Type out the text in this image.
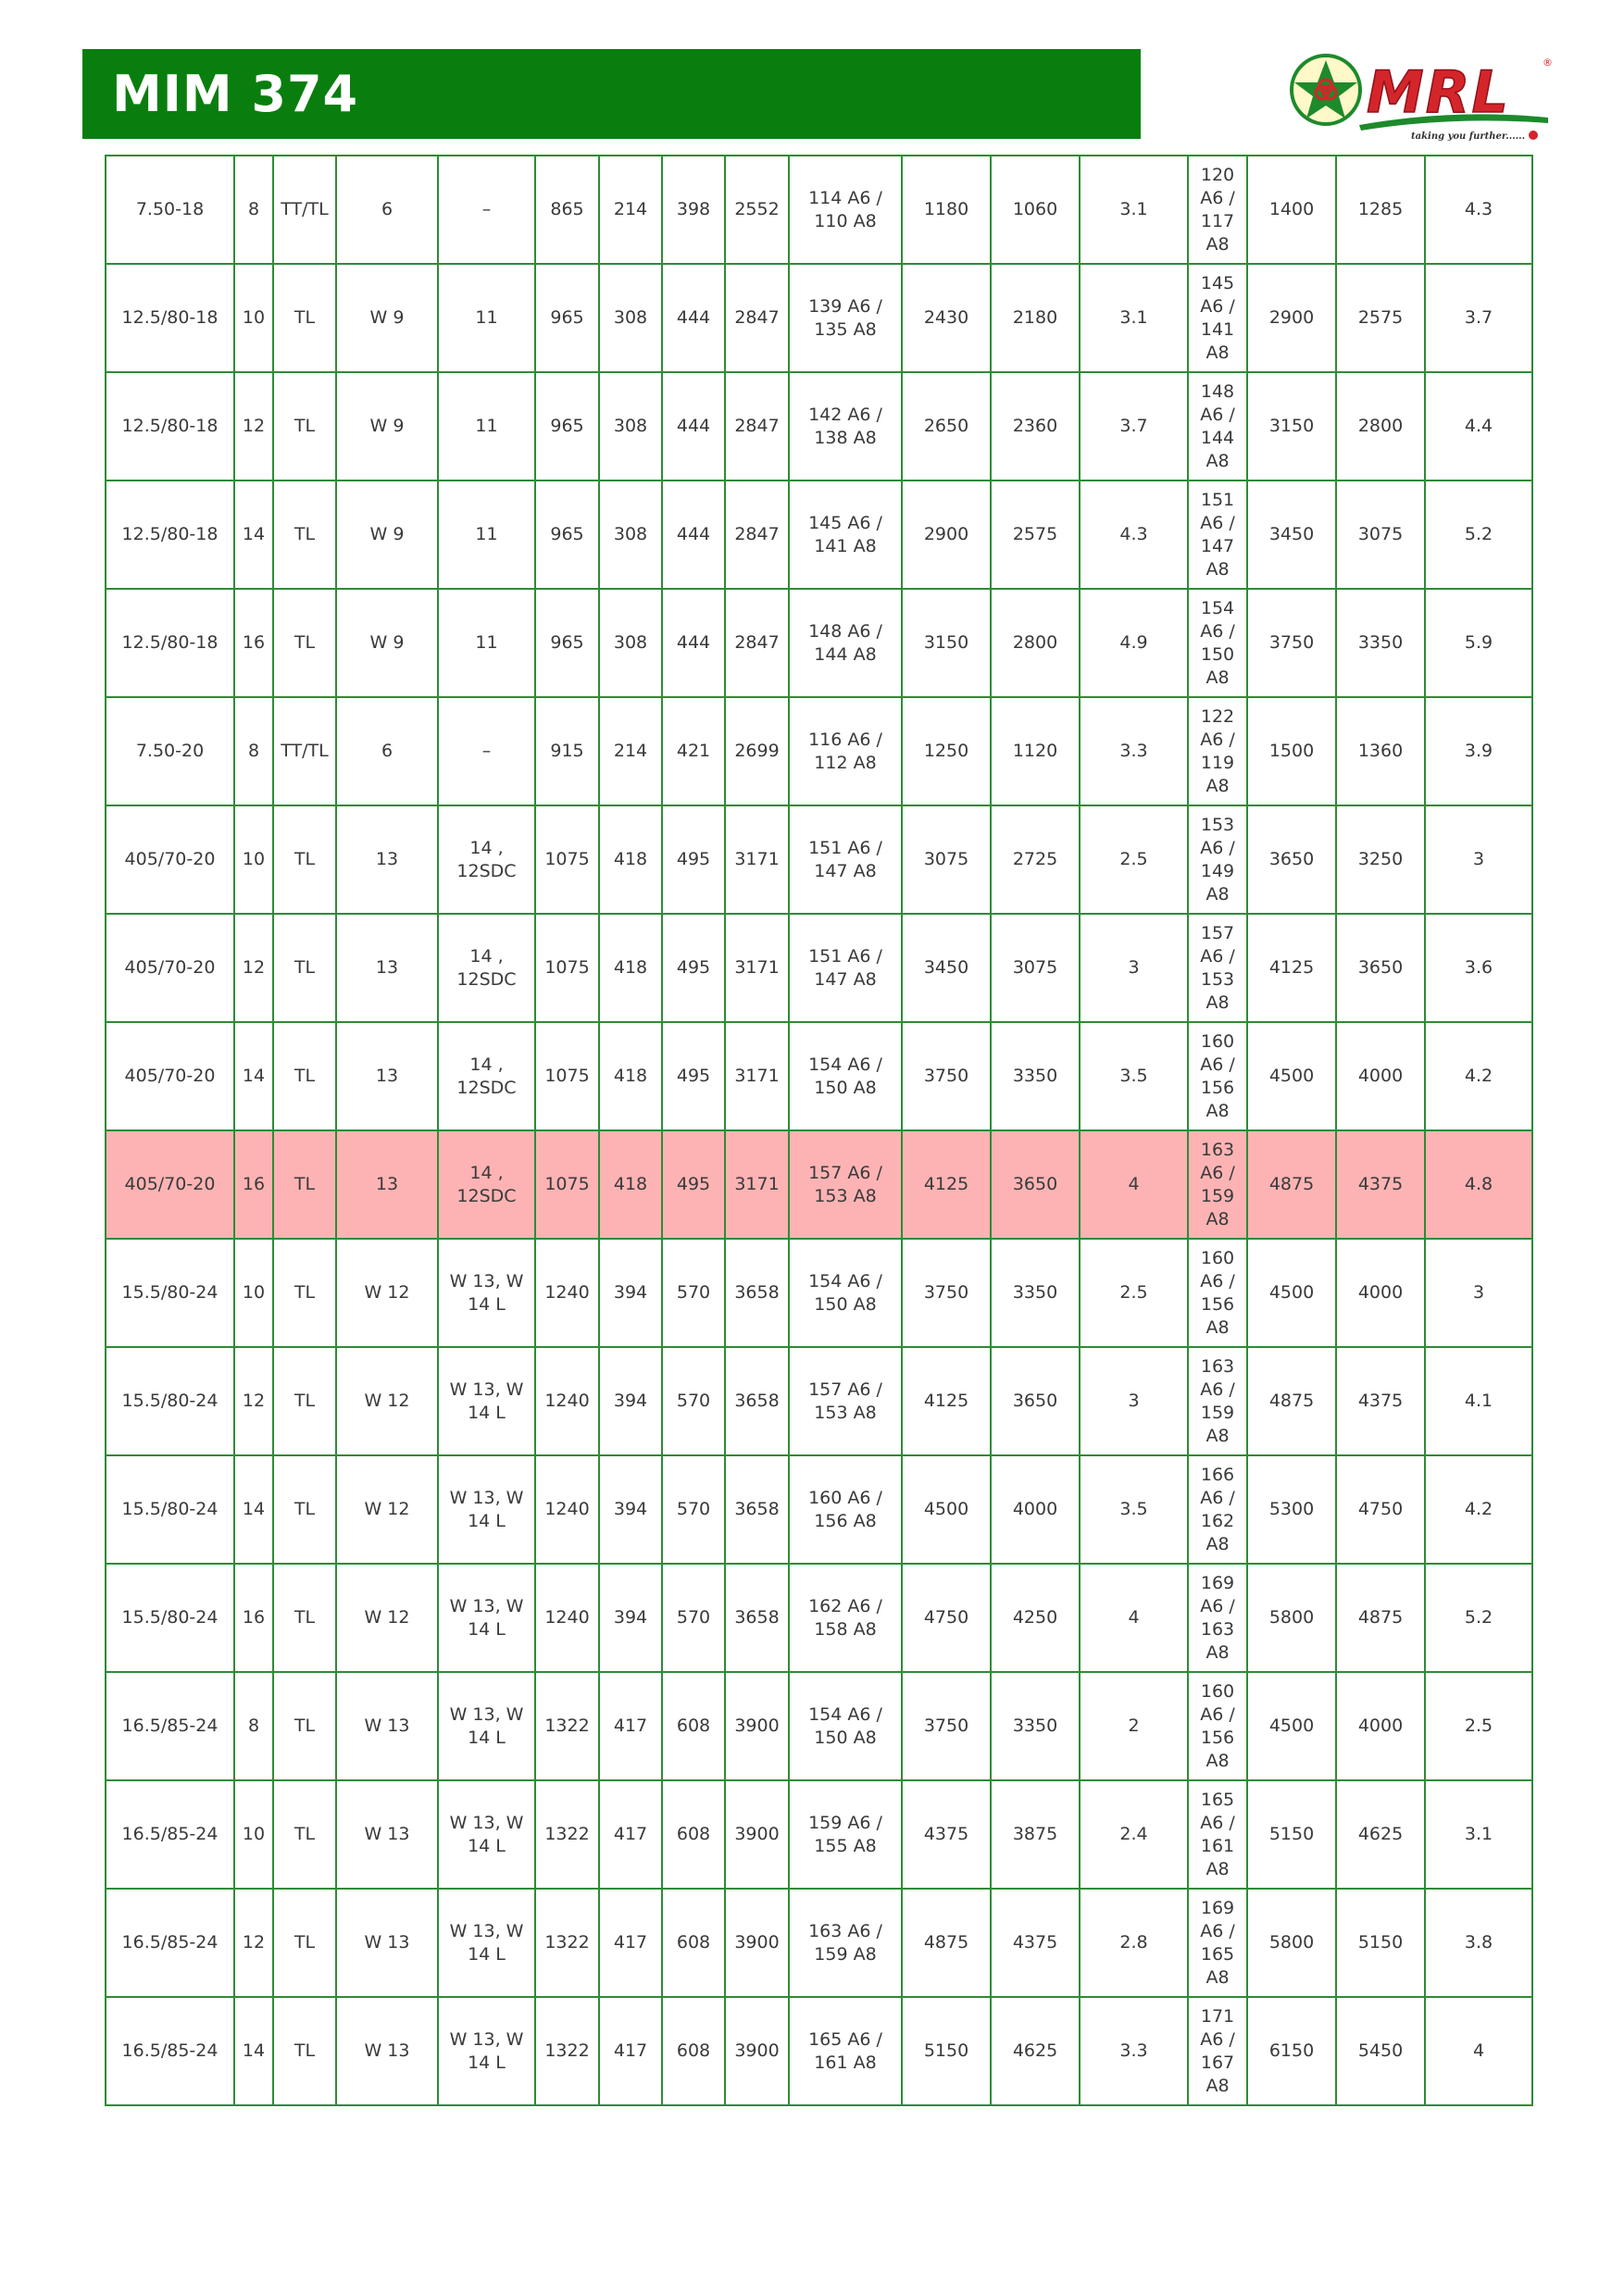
MIM 374	MRL	®
taking you further......
7.50-18	8	TT/TL	6	–	865	214	398	2552	114 A6 / 110 A8	1180	1060	3.1	120 A6 / 117 A8	1400	1285	4.3
12.5/80-18	10	TL	W 9	11	965	308	444	2847	139 A6 / 135 A8	2430	2180	3.1	145 A6 / 141 A8	2900	2575	3.7
12.5/80-18	12	TL	W 9	11	965	308	444	2847	142 A6 / 138 A8	2650	2360	3.7	148 A6 / 144 A8	3150	2800	4.4
12.5/80-18	14	TL	W 9	11	965	308	444	2847	145 A6 / 141 A8	2900	2575	4.3	151 A6 / 147 A8	3450	3075	5.2
12.5/80-18	16	TL	W 9	11	965	308	444	2847	148 A6 / 144 A8	3150	2800	4.9	154 A6 / 150 A8	3750	3350	5.9
7.50-20	8	TT/TL	6	–	915	214	421	2699	116 A6 / 112 A8	1250	1120	3.3	122 A6 / 119 A8	1500	1360	3.9
405/70-20	10	TL	13	14 , 12SDC	1075	418	495	3171	151 A6 / 147 A8	3075	2725	2.5	153 A6 / 149 A8	3650	3250	3
405/70-20	12	TL	13	14 , 12SDC	1075	418	495	3171	151 A6 / 147 A8	3450	3075	3	157 A6 / 153 A8	4125	3650	3.6
405/70-20	14	TL	13	14 , 12SDC	1075	418	495	3171	154 A6 / 150 A8	3750	3350	3.5	160 A6 / 156 A8	4500	4000	4.2
405/70-20	16	TL	13	14 , 12SDC	1075	418	495	3171	157 A6 / 153 A8	4125	3650	4	163 A6 / 159 A8	4875	4375	4.8
15.5/80-24	10	TL	W 12	W 13, W 14 L	1240	394	570	3658	154 A6 / 150 A8	3750	3350	2.5	160 A6 / 156 A8	4500	4000	3
15.5/80-24	12	TL	W 12	W 13, W 14 L	1240	394	570	3658	157 A6 / 153 A8	4125	3650	3	163 A6 / 159 A8	4875	4375	4.1
15.5/80-24	14	TL	W 12	W 13, W 14 L	1240	394	570	3658	160 A6 / 156 A8	4500	4000	3.5	166 A6 / 162 A8	5300	4750	4.2
15.5/80-24	16	TL	W 12	W 13, W 14 L	1240	394	570	3658	162 A6 / 158 A8	4750	4250	4	169 A6 / 163 A8	5800	4875	5.2
16.5/85-24	8	TL	W 13	W 13, W 14 L	1322	417	608	3900	154 A6 / 150 A8	3750	3350	2	160 A6 / 156 A8	4500	4000	2.5
16.5/85-24	10	TL	W 13	W 13, W 14 L	1322	417	608	3900	159 A6 / 155 A8	4375	3875	2.4	165 A6 / 161 A8	5150	4625	3.1
16.5/85-24	12	TL	W 13	W 13, W 14 L	1322	417	608	3900	163 A6 / 159 A8	4875	4375	2.8	169 A6 / 165 A8	5800	5150	3.8
16.5/85-24	14	TL	W 13	W 13, W 14 L	1322	417	608	3900	165 A6 / 161 A8	5150	4625	3.3	171 A6 / 167 A8	6150	5450	4
